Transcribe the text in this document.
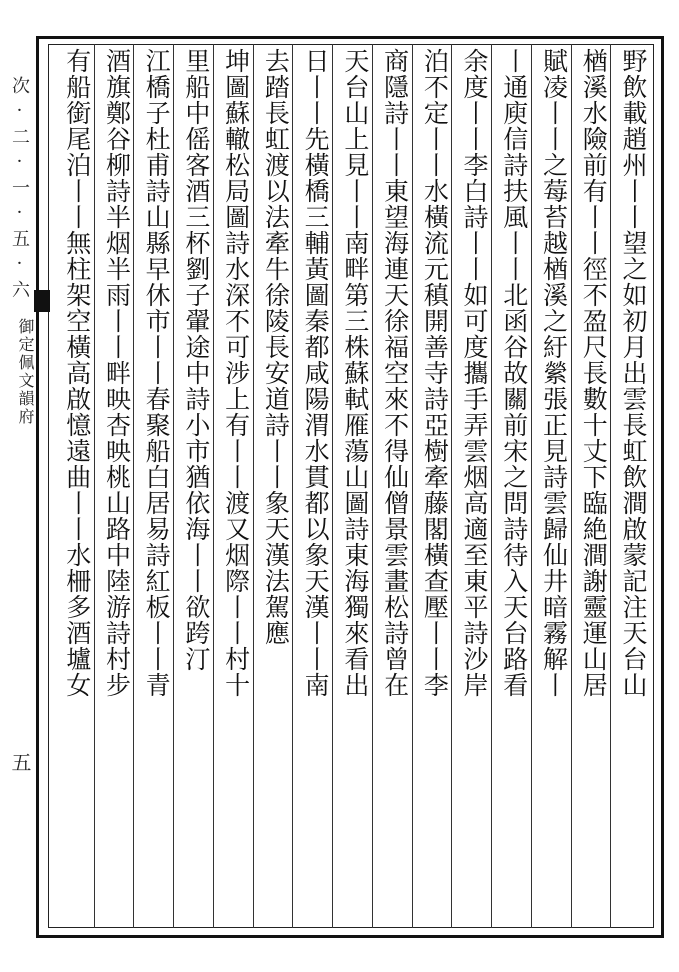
次·二·一·五·六
御定佩文韻府
五
野飲載趙州丨丨望之如初月出雲長虹飲澗啟蒙記注天台山
楢溪水險前有丨丨徑不盈尺長數十丈下臨絶澗謝靈運山居
賦凌丨丨之莓苔越楢溪之紆縈張正見詩雲歸仙井暗霧解丨
丨通庾信詩扶風丨丨北函谷故關前宋之問詩待入天台路看
余度丨丨李白詩丨丨如可度攜手弄雲烟高適至東平詩沙岸
泊不定丨丨水橫流元稹開善寺詩亞樹牽藤閣橫查壓丨丨李
商隱詩丨丨東望海連天徐福空來不得仙僧景雲畫松詩曾在
天台山上見丨丨南畔第三株蘇軾雁蕩山圖詩東海獨來看出
日丨丨先橫橋三輔黃圖秦都咸陽渭水貫都以象天漢丨丨南
去踏長虹渡以法牽牛徐陵長安道詩丨丨象天漢法駕應
坤圖蘇轍松局圖詩水深不可涉上有丨丨渡又烟際丨丨村十
里船中傜客酒三杯劉子翬途中詩小市猶依海丨丨欲跨汀
江橋子杜甫詩山縣早休市丨丨春聚船白居易詩紅板丨丨青
酒旗鄭谷柳詩半烟半雨丨丨畔映杏映桃山路中陸游詩村步
有船銜尾泊丨丨無柱架空橫高啟憶遠曲丨丨水柵多酒壚女
